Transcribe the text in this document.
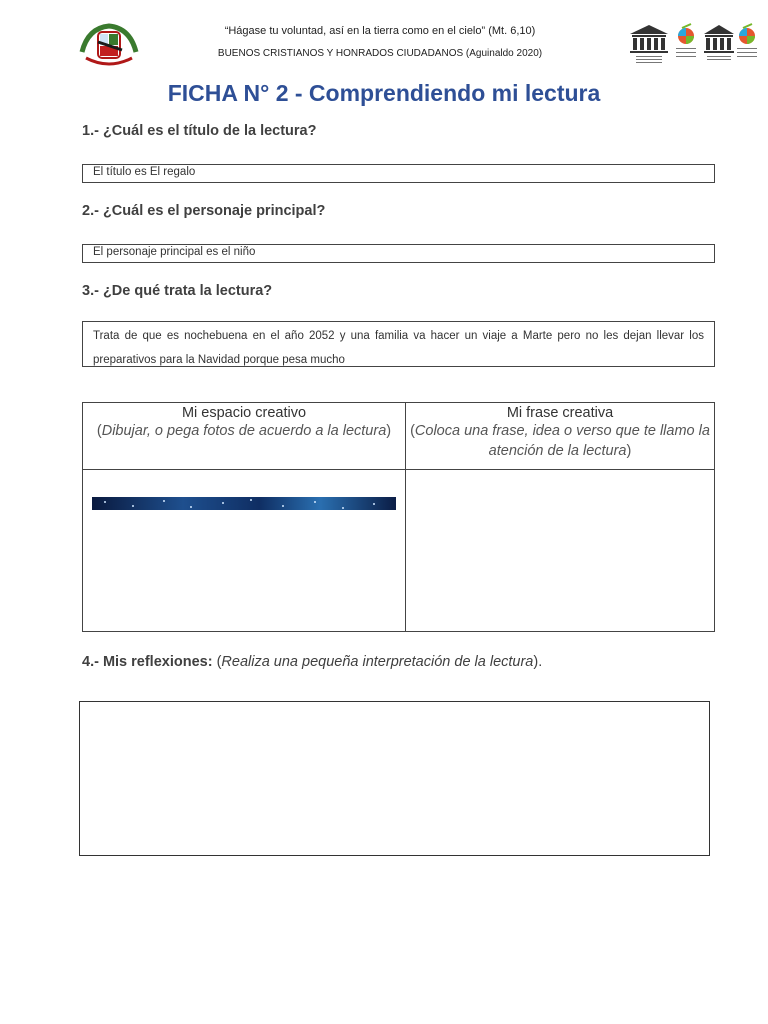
“Hágase tu voluntad, así en la tierra como en el cielo” (Mt. 6,10)
BUENOS CRISTIANOS Y HONRADOS CIUDADANOS (Aguinaldo 2020)
FICHA N° 2 - Comprendiendo mi lectura
1.- ¿Cuál es el título de la lectura?
El título es El regalo
2.- ¿Cuál es el personaje principal?
El personaje principal es el niño
3.- ¿De qué trata la lectura?
Trata de que es nochebuena en el año 2052 y una familia va hacer un viaje a Marte pero no les dejan llevar los preparativos para la Navidad porque pesa mucho
Mi espacio creativo
(Dibujar, o pega fotos de acuerdo a la lectura)
Mi frase creativa
(Coloca una frase, idea o verso que te llamo la atención de la lectura)
4.- Mis reflexiones: (Realiza una pequeña interpretación de la lectura).
